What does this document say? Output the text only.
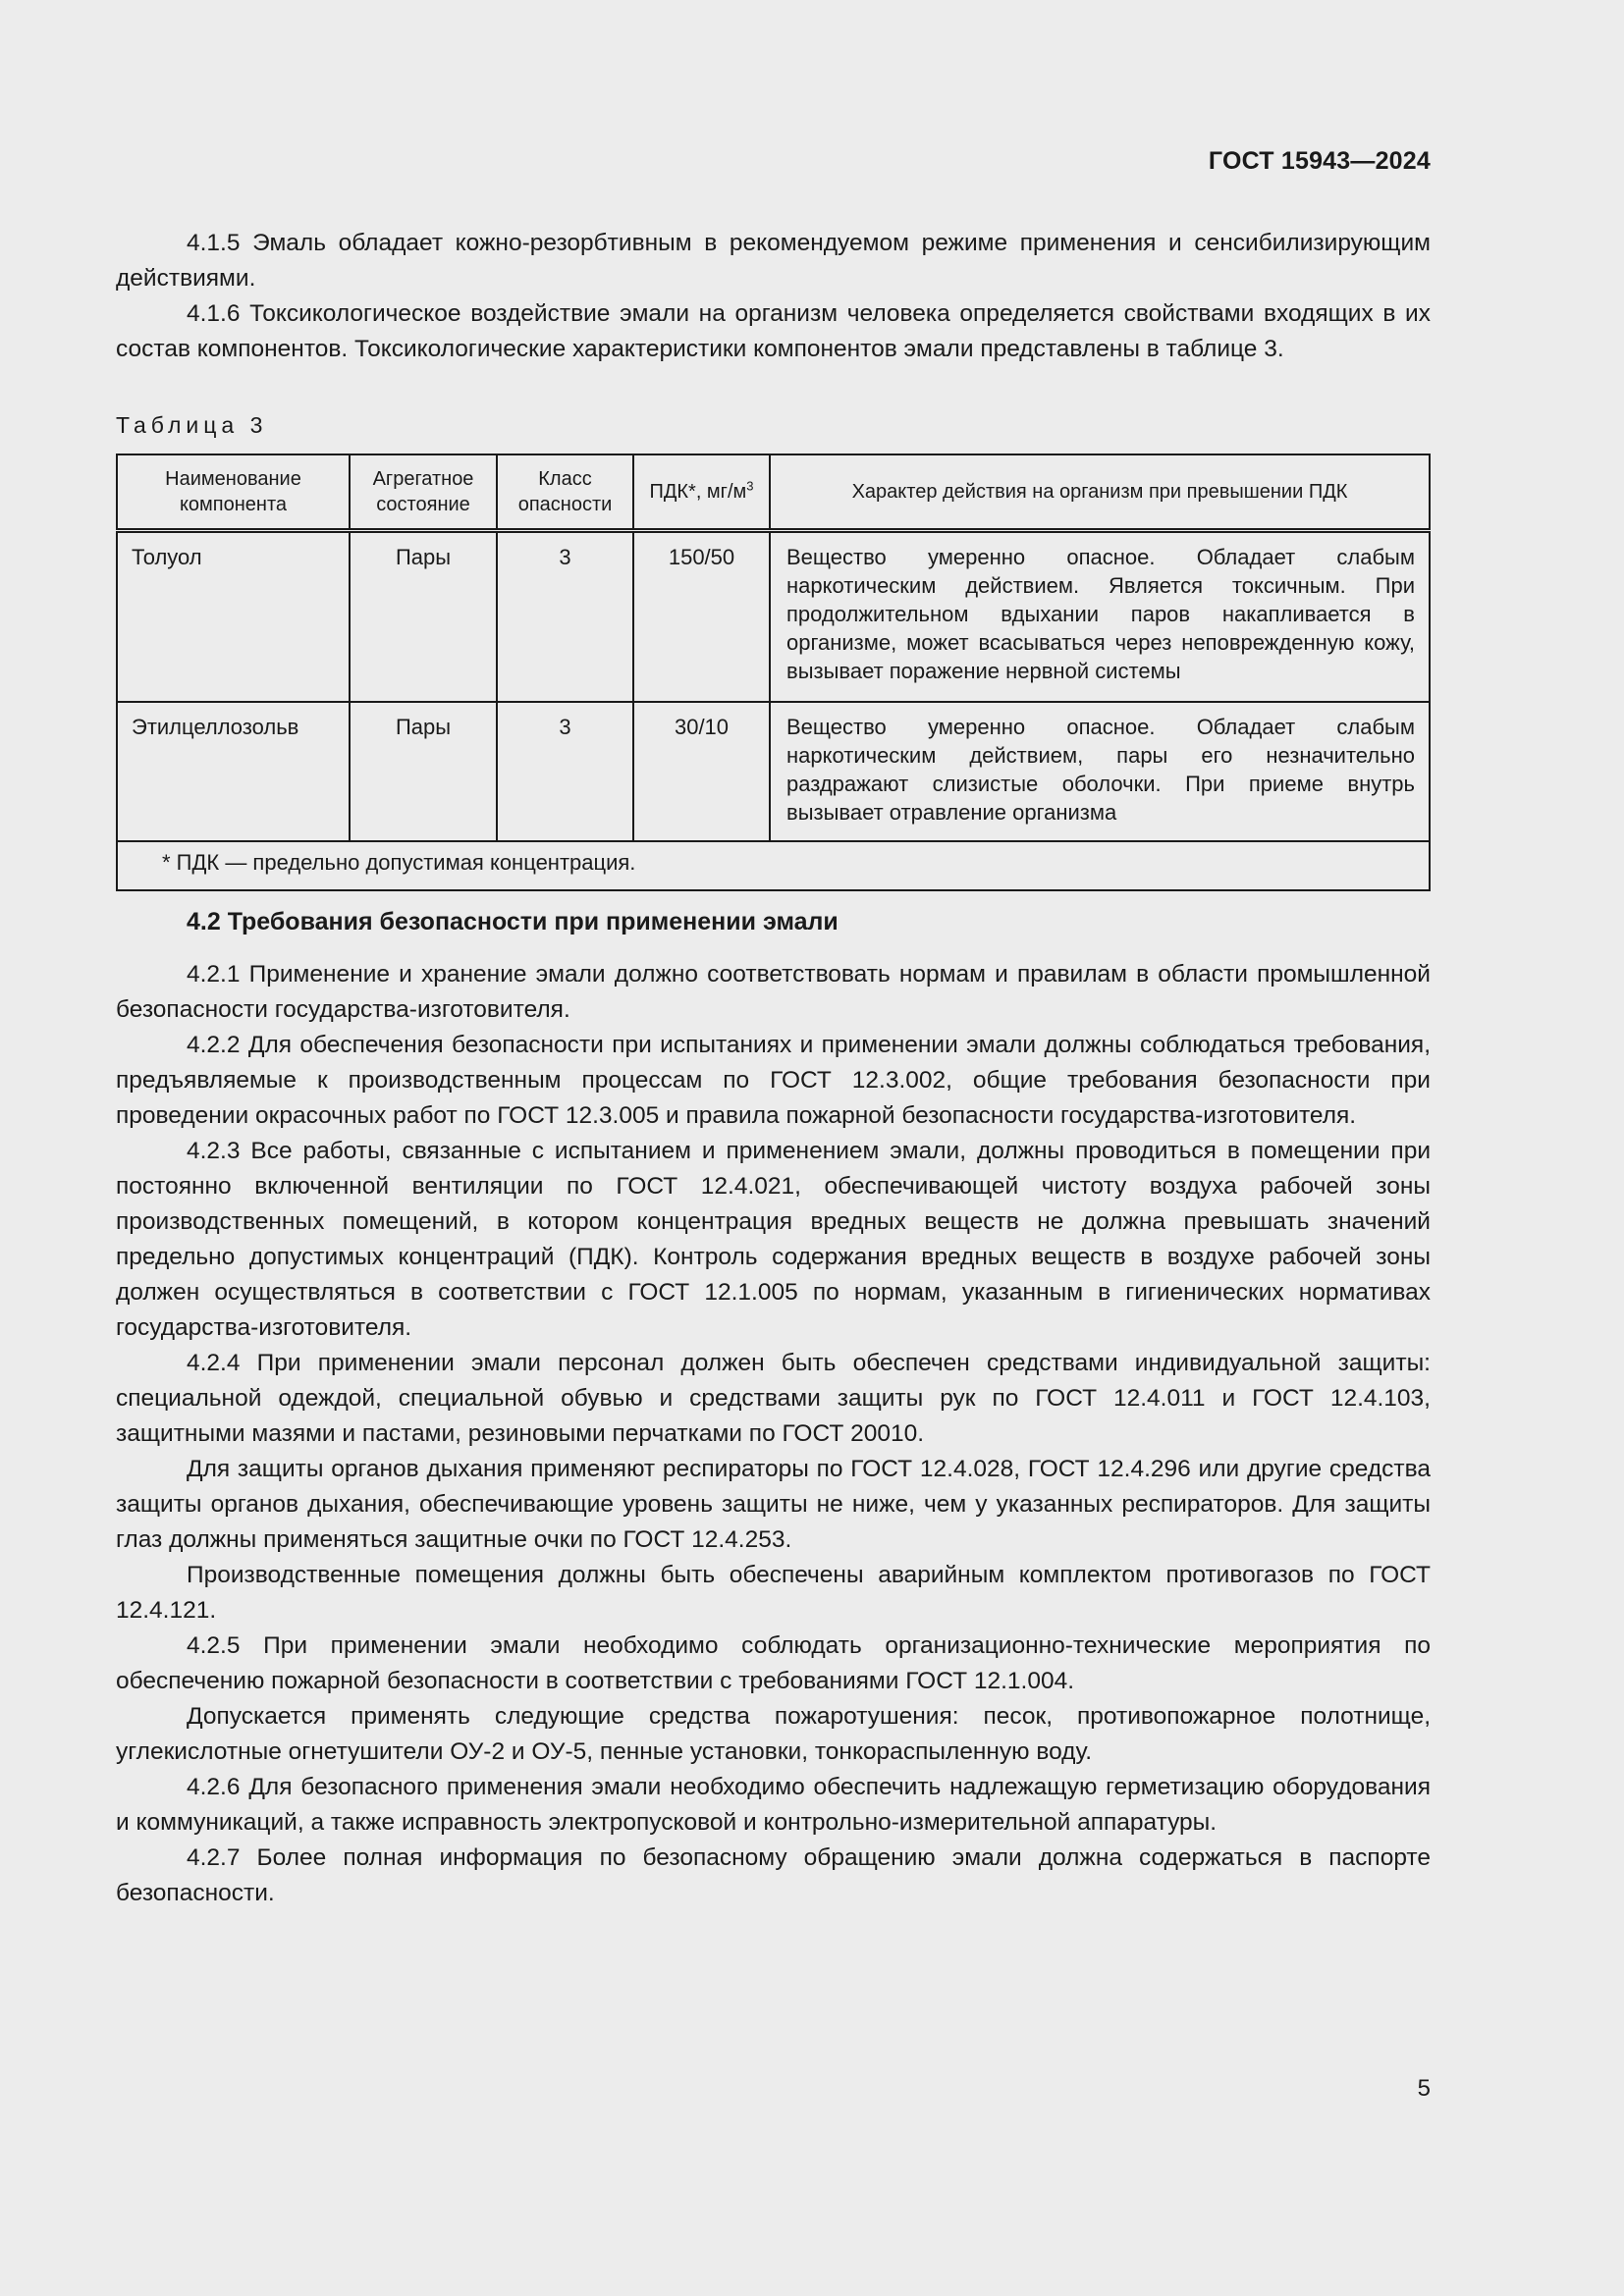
ГОСТ 15943—2024

4.1.5 Эмаль обладает кожно-резорбтивным в рекомендуемом режиме применения и сенсибилизирующим действиями.

4.1.6 Токсикологическое воздействие эмали на организм человека определяется свойствами входящих в их состав компонентов. Токсикологические характеристики компонентов эмали представлены в таблице 3.

Таблица 3
Наименование компонента	Агрегатное состояние	Класс опасности	ПДК*, $мг/м^3$	Характер действия на организм при превышении ПДК
Толуол	Пары	3	150/50	Вещество умеренно опасное. Обладает слабым наркотическим действием. Является токсичным. При продолжительном вдыхании паров накапливается в организме, может всасываться через неповрежденную кожу, вызывает поражение нервной системы
Этилцеллозольв	Пары	3	30/10	Вещество умеренно опасное. Обладает слабым наркотическим действием, пары его незначительно раздражают слизистые оболочки. При приеме внутрь вызывает отравление организма
* ПДК — предельно допустимая концентрация.				
4.2 Требования безопасности при применении эмали

4.2.1 Применение и хранение эмали должно соответствовать нормам и правилам в области промышленной безопасности государства-изготовителя.

4.2.2 Для обеспечения безопасности при испытаниях и применении эмали должны соблюдаться требования, предъявляемые к производственным процессам по ГОСТ 12.3.002, общие требования безопасности при проведении окрасочных работ по ГОСТ 12.3.005 и правила пожарной безопасности государства-изготовителя.

4.2.3 Все работы, связанные с испытанием и применением эмали, должны проводиться в помещении при постоянно включенной вентиляции по ГОСТ 12.4.021, обеспечивающей чистоту воздуха рабочей зоны производственных помещений, в котором концентрация вредных веществ не должна превышать значений предельно допустимых концентраций (ПДК). Контроль содержания вредных веществ в воздухе рабочей зоны должен осуществляться в соответствии с ГОСТ 12.1.005 по нормам, указанным в гигиенических нормативах государства-изготовителя.

4.2.4 При применении эмали персонал должен быть обеспечен средствами индивидуальной защиты: специальной одеждой, специальной обувью и средствами защиты рук по ГОСТ 12.4.011 и ГОСТ 12.4.103, защитными мазями и пастами, резиновыми перчатками по ГОСТ 20010.

Для защиты органов дыхания применяют респираторы по ГОСТ 12.4.028, ГОСТ 12.4.296 или другие средства защиты органов дыхания, обеспечивающие уровень защиты не ниже, чем у указанных респираторов. Для защиты глаз должны применяться защитные очки по ГОСТ 12.4.253.

Производственные помещения должны быть обеспечены аварийным комплектом противогазов по ГОСТ 12.4.121.

4.2.5 При применении эмали необходимо соблюдать организационно-технические мероприятия по обеспечению пожарной безопасности в соответствии с требованиями ГОСТ 12.1.004.

Допускается применять следующие средства пожаротушения: песок, противопожарное полотнище, углекислотные огнетушители ОУ-2 и ОУ-5, пенные установки, тонкораспыленную воду.

4.2.6 Для безопасного применения эмали необходимо обеспечить надлежащую герметизацию оборудования и коммуникаций, а также исправность электропусковой и контрольно-измерительной аппаратуры.

4.2.7 Более полная информация по безопасному обращению эмали должна содержаться в паспорте безопасности.

5
